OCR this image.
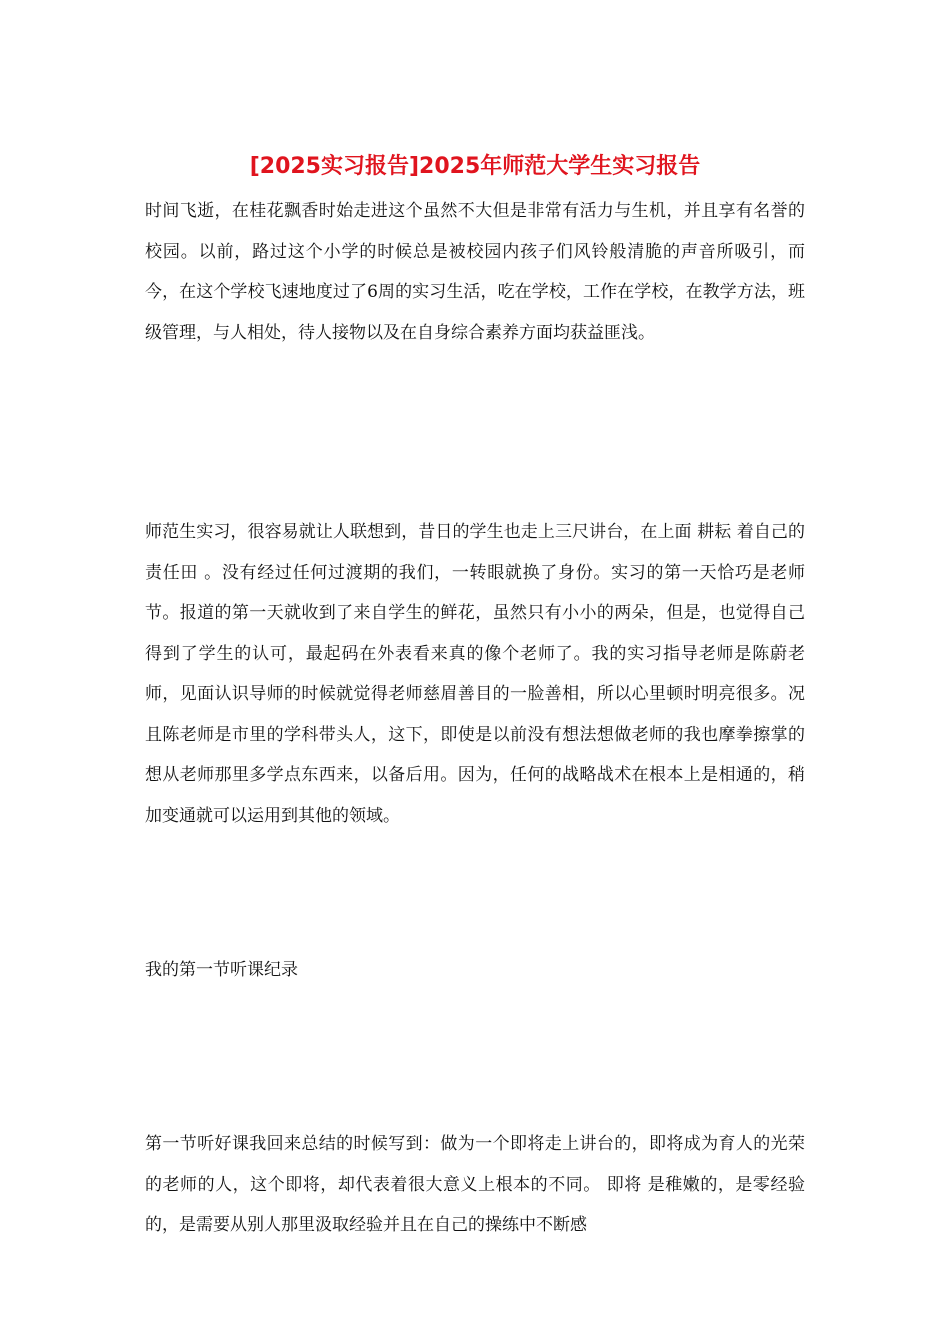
[2025实习报告]2025年师范大学生实习报告

时间飞逝，在桂花飘香时始走进这个虽然不大但是非常有活力与生机，并且享有名誉的校园。以前，路过这个小学的时候总是被校园内孩子们风铃般清脆的声音所吸引，而今，在这个学校飞速地度过了6周的实习生活，吃在学校，工作在学校，在教学方法，班级管理，与人相处，待人接物以及在自身综合素养方面均获益匪浅。

师范生实习，很容易就让人联想到，昔日的学生也走上三尺讲台，在上面 耕耘 着自己的 责任田 。没有经过任何过渡期的我们，一转眼就换了身份。实习的第一天恰巧是老师节。报道的第一天就收到了来自学生的鲜花，虽然只有小小的两朵，但是，也觉得自己得到了学生的认可，最起码在外表看来真的像个老师了。我的实习指导老师是陈蔚老师，见面认识导师的时候就觉得老师慈眉善目的一脸善相，所以心里顿时明亮很多。况且陈老师是市里的学科带头人，这下，即使是以前没有想法想做老师的我也摩拳擦掌的想从老师那里多学点东西来，以备后用。因为，任何的战略战术在根本上是相通的，稍加变通就可以运用到其他的领域。

我的第一节听课纪录

第一节听好课我回来总结的时候写到：做为一个即将走上讲台的，即将成为育人的光荣的老师的人，这个即将，却代表着很大意义上根本的不同。 即将 是稚嫩的，是零经验的，是需要从别人那里汲取经验并且在自己的操练中不断感
